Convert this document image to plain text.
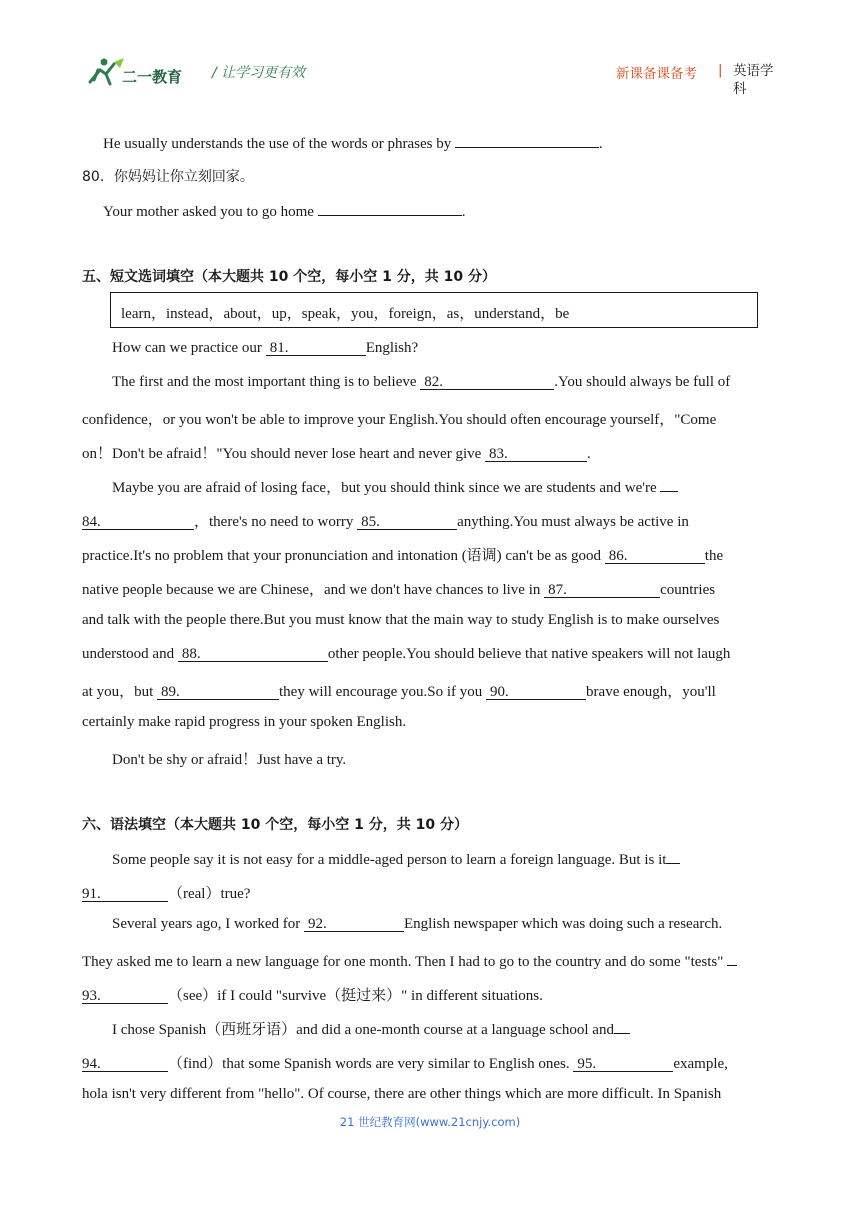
二一教育 / 让学习更有效	新课备课备考 | 英语学科
He usually understands the use of the words or phrases by	.
80．你妈妈让你立刻回家。
Your mother asked you to go home	.
五、短文选词填空（本大题共 10 个空，每小空 1 分，共 10 分）
learn，instead，about，up，speak，you，foreign，as，understand，be
How can we practice our 81.	English?
The first and the most important thing is to believe 82.	.You should always be full of
confidence，or you won't be able to improve your English.You should often encourage yourself，"Come
on！Don't be afraid！"You should never lose heart and never give 83.	.
Maybe you are afraid of losing face，but you should think since we are students and we're
84.	，there's no need to worry 85.	anything.You must always be active in
practice.It's no problem that your pronunciation and intonation (语调) can't be as good 86.	the
native people because we are Chinese，and we don't have chances to live in 87.	countries
and talk with the people there.But you must know that the main way to study English is to make ourselves
understood and 88.	other people.You should believe that native speakers will not laugh
at you，but 89.	they will encourage you.So if you 90.	brave enough，you'll
certainly make rapid progress in your spoken English.
Don't be shy or afraid！Just have a try.
六、语法填空（本大题共 10 个空，每小空 1 分，共 10 分）
Some people say it is not easy for a middle-aged person to learn a foreign language. But is it
91.	（real）true?
Several years ago, I worked for 92.	English newspaper which was doing such a research.
They asked me to learn a new language for one month. Then I had to go to the country and do some "tests"
93.	（see）if I could "survive（挺过来）" in different situations.
I chose Spanish（西班牙语）and did a one-month course at a language school and
94.	（find）that some Spanish words are very similar to English ones. 95.	example,
hola isn't very different from "hello". Of course, there are other things which are more difficult. In Spanish
21 世纪教育网(www.21cnjy.com)
